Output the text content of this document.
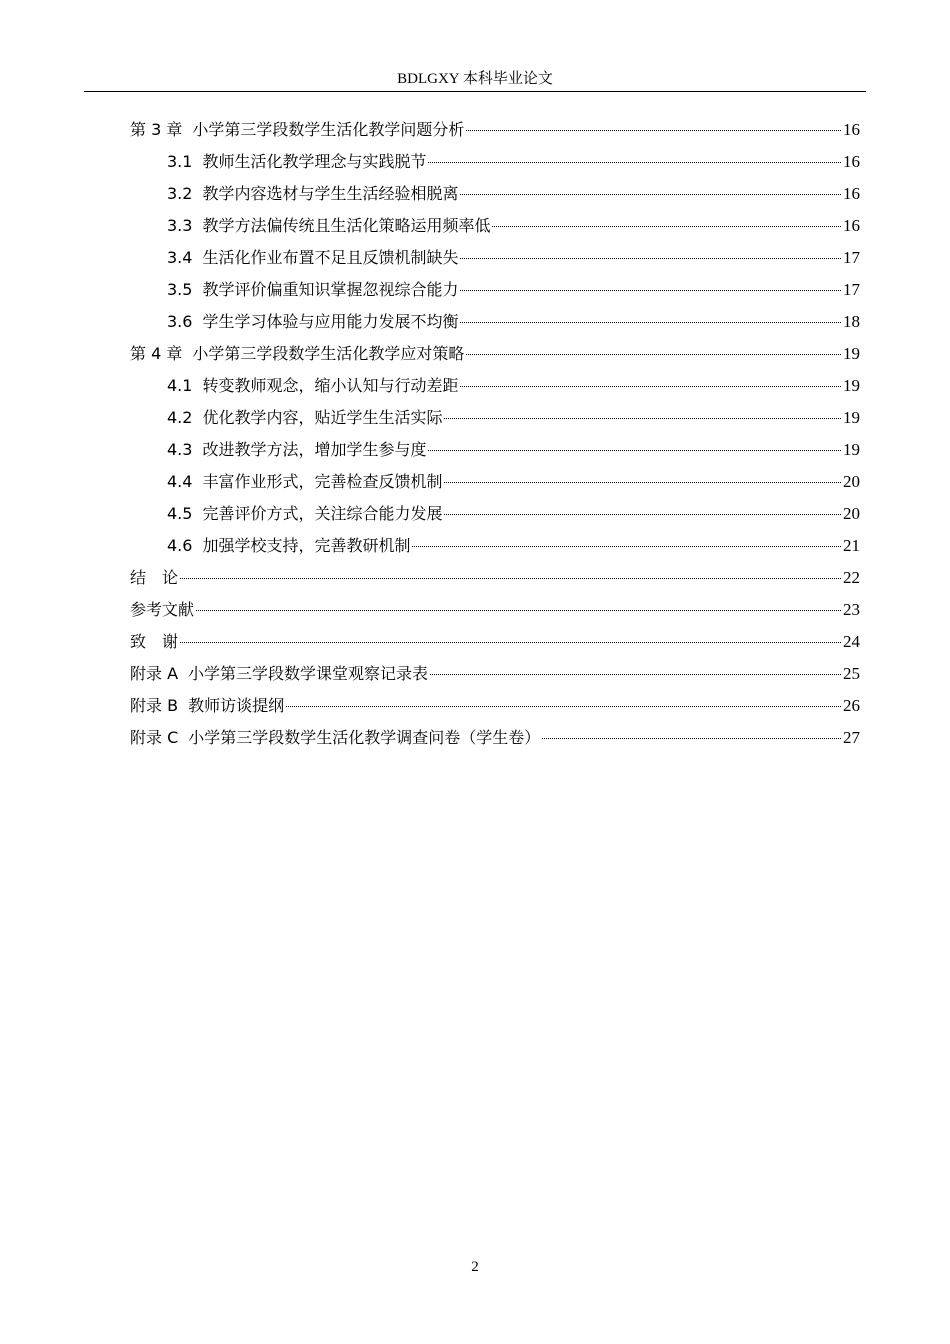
BDLGXY 本科毕业论文
第 3 章 小学第三学段数学生活化教学问题分析	16
3.1 教师生活化教学理念与实践脱节	16
3.2 教学内容选材与学生生活经验相脱离	16
3.3 教学方法偏传统且生活化策略运用频率低	16
3.4 生活化作业布置不足且反馈机制缺失	17
3.5 教学评价偏重知识掌握忽视综合能力	17
3.6 学生学习体验与应用能力发展不均衡	18
第 4 章 小学第三学段数学生活化教学应对策略	19
4.1 转变教师观念，缩小认知与行动差距	19
4.2 优化教学内容，贴近学生生活实际	19
4.3 改进教学方法，增加学生参与度	19
4.4 丰富作业形式，完善检查反馈机制	20
4.5 完善评价方式，关注综合能力发展	20
4.6 加强学校支持，完善教研机制	21
结　论	22
参考文献	23
致　谢	24
附录 A 小学第三学段数学课堂观察记录表	25
附录 B 教师访谈提纲	26
附录 C 小学第三学段数学生活化教学调查问卷（学生卷）	27
2
